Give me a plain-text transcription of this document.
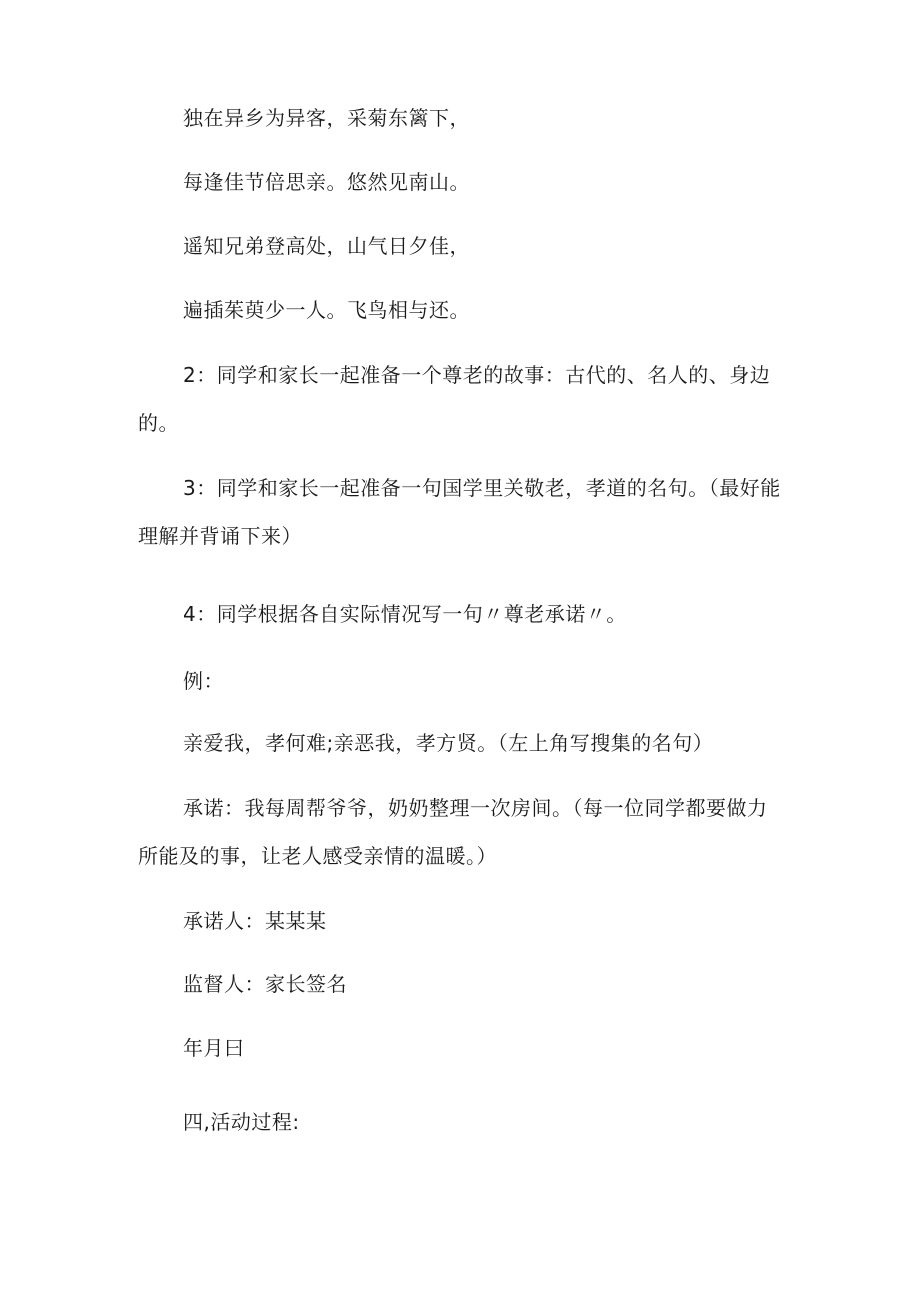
独在异乡为异客，采菊东篱下，
每逢佳节倍思亲。悠然见南山。
遥知兄弟登高处，山气日夕佳，
遍插茱萸少一人。飞鸟相与还。
2：同学和家长一起准备一个尊老的故事：古代的、名人的、身边
的。
3：同学和家长一起准备一句国学里关敬老，孝道的名句。（最好能
理解并背诵下来）
4：同学根据各自实际情况写一句〃尊老承诺〃。
例：
亲爱我，孝何难;亲恶我，孝方贤。（左上角写搜集的名句）
承诺：我每周帮爷爷，奶奶整理一次房间。（每一位同学都要做力
所能及的事，让老人感受亲情的温暖。）
承诺人：某某某
监督人：家长签名
年月曰
四,活动过程:
